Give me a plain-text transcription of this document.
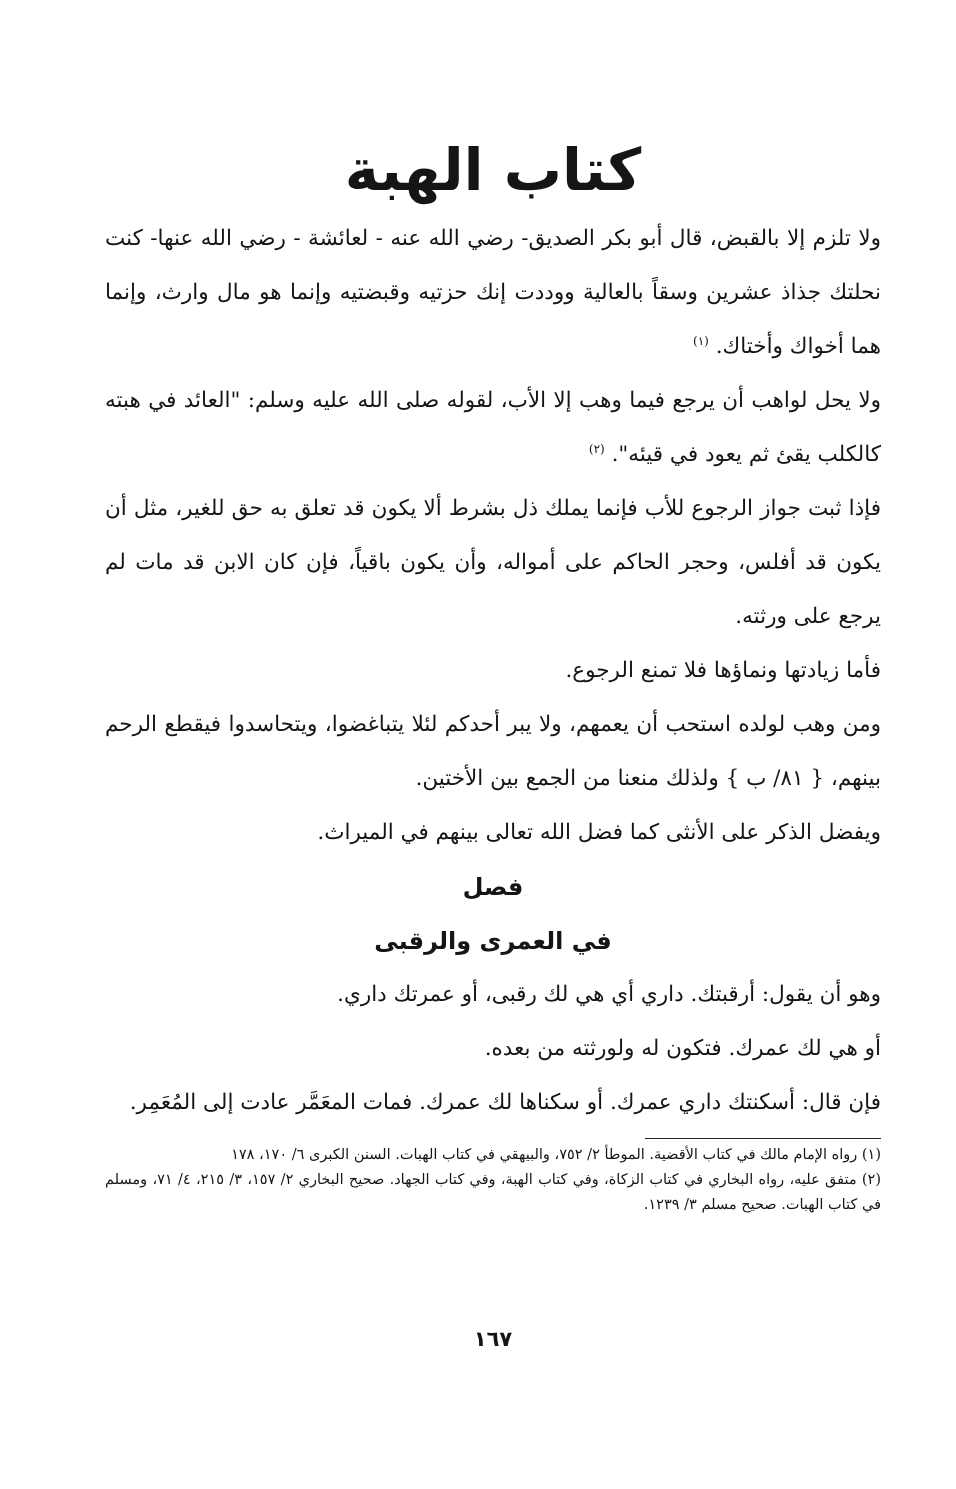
كتاب الهبة

ولا تلزم إلا بالقبض، قال أبو بكر الصديق- رضي الله عنه - لعائشة - رضي الله عنها- كنت نحلتك جذاذ عشرين وسقاً بالعالية ووددت إنك حزتيه وقبضتيه وإنما هو مال وارث، وإنما هما أخواك وأختاك. $^{(١)}$

ولا يحل لواهب أن يرجع فيما وهب إلا الأب، لقوله صلى الله عليه وسلم: "العائد في هبته كالكلب يقئ ثم يعود في قيئه". $^{(٢)}$

فإذا ثبت جواز الرجوع للأب فإنما يملك ذل بشرط ألا يكون قد تعلق به حق للغير، مثل أن يكون قد أفلس، وحجر الحاكم على أمواله، وأن يكون باقياً، فإن كان الابن قد مات لم يرجع على ورثته.

فأما زيادتها ونماؤها فلا تمنع الرجوع.

ومن وهب لولده استحب أن يعمهم، ولا يبر أحدكم لئلا يتباغضوا، ويتحاسدوا فيقطع الرحم بينهم، { ٨١/ ب } ولذلك منعنا من الجمع بين الأختين.

ويفضل الذكر على الأنثى كما فضل الله تعالى بينهم في الميراث.

فصل
في العمرى والرقبى

وهو أن يقول: أرقبتك. داري أي هي لك رقبى، أو عمرتك داري.

أو هي لك عمرك. فتكون له ولورثته من بعده.

فإن قال: أسكنتك داري عمرك. أو سكناها لك عمرك. فمات المعَمَّر عادت إلى المُعَمِر.

(١) رواه الإمام مالك في كتاب الأقضية. الموطأ ٢/ ٧٥٢، والبيهقي في كتاب الهبات. السنن الكبرى ٦/ ١٧٠، ١٧٨

(٢) متفق عليه، رواه البخاري في كتاب الزكاة، وفي كتاب الهبة، وفي كتاب الجهاد. صحيح البخاري ٢/ ١٥٧، ٣/ ٢١٥، ٤/ ٧١، ومسلم في كتاب الهبات. صحيح مسلم ٣/ ١٢٣٩.

١٦٧
